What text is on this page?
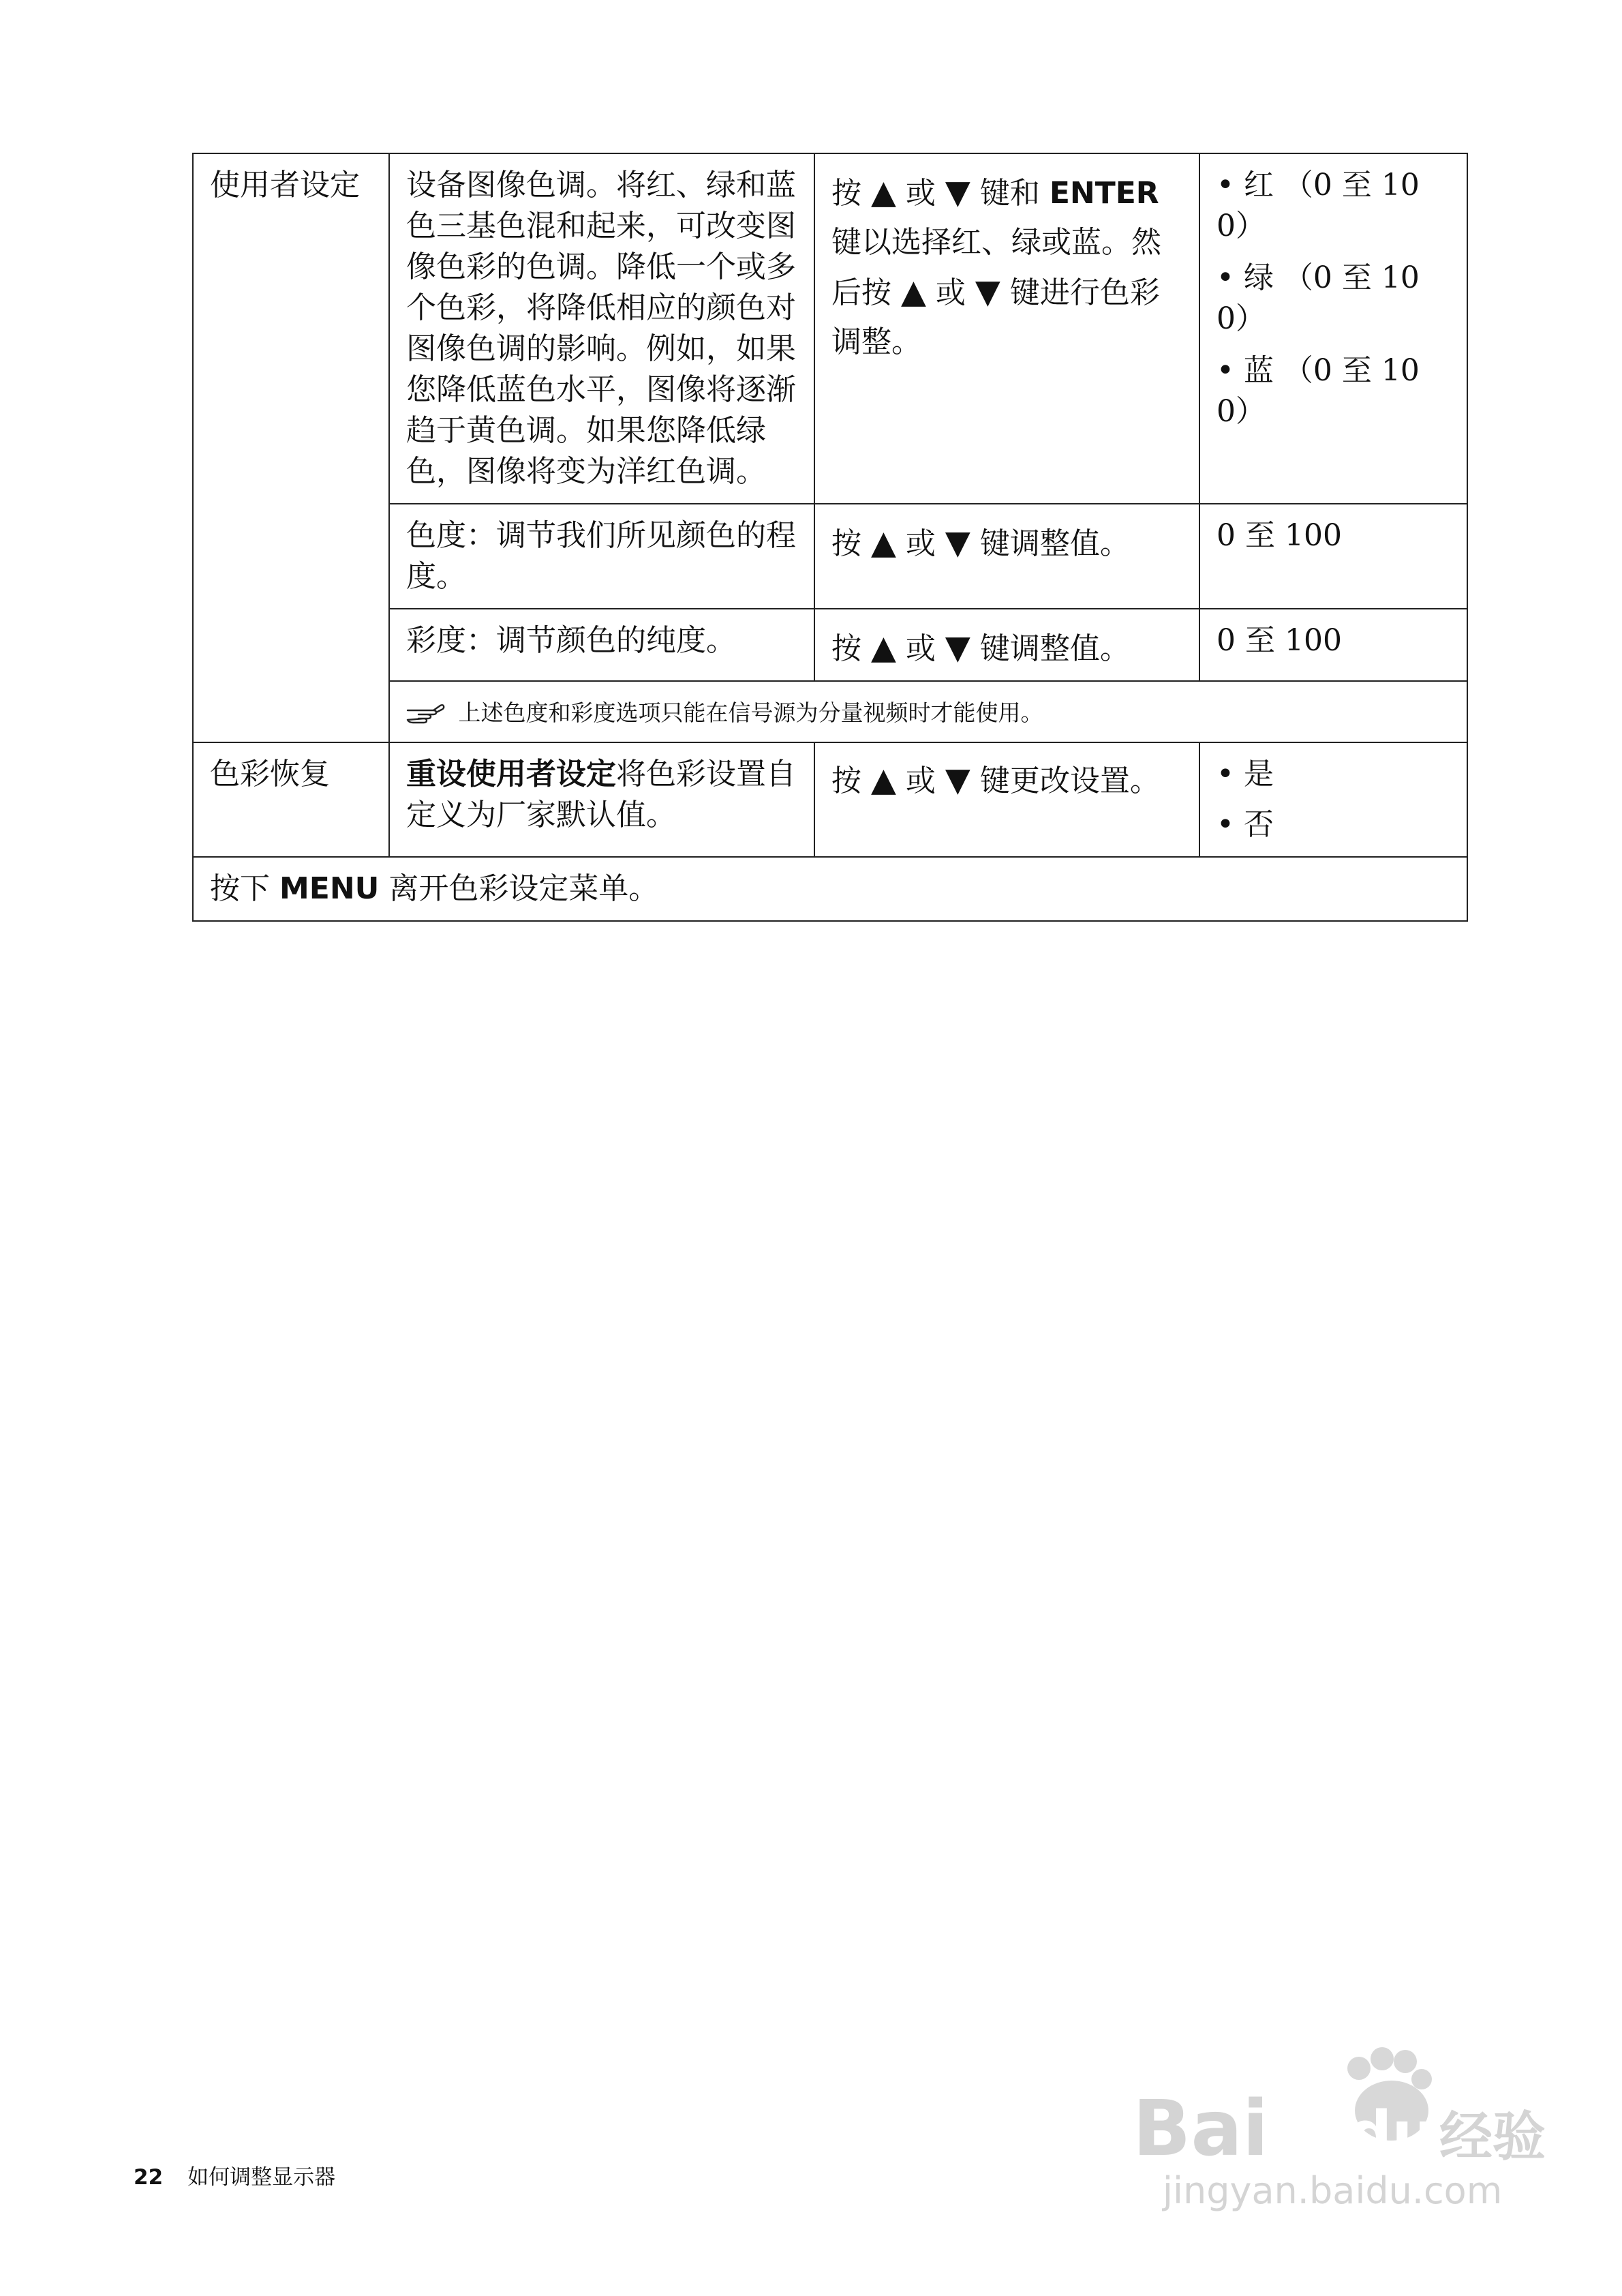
使用者设定	设备图像色调。将红、绿和蓝色三基色混和起来，可改变图像色彩的色调。降低一个或多个色彩，将降低相应的颜色对图像色调的影响。例如，如果您降低蓝色水平，图像将逐渐趋于黄色调。如果您降低绿色，图像将变为洋红色调。	按 ▲ 或 ▼ 键和 ENTER 键以选择红、绿或蓝。然后按 ▲ 或 ▼ 键进行色彩调整。	• 红 （0 至 100）
• 绿 （0 至 100）
• 蓝 （0 至 100）

	色度：调节我们所见颜色的程度。	按 ▲ 或 ▼ 键调整值。	0 至 100
	彩度：调节颜色的纯度。	按 ▲ 或 ▼ 键调整值。	0 至 100
	上述色度和彩度选项只能在信号源为分量视频时才能使用。		
色彩恢复	重设使用者设定将色彩设置自定义为厂家默认值。	按 ▲ 或 ▼ 键更改设置。	• 是
• 否

按下 MENU 离开色彩设定菜单。			
22 如何调整显示器
Bai du 经验
jingyan.baidu.com
